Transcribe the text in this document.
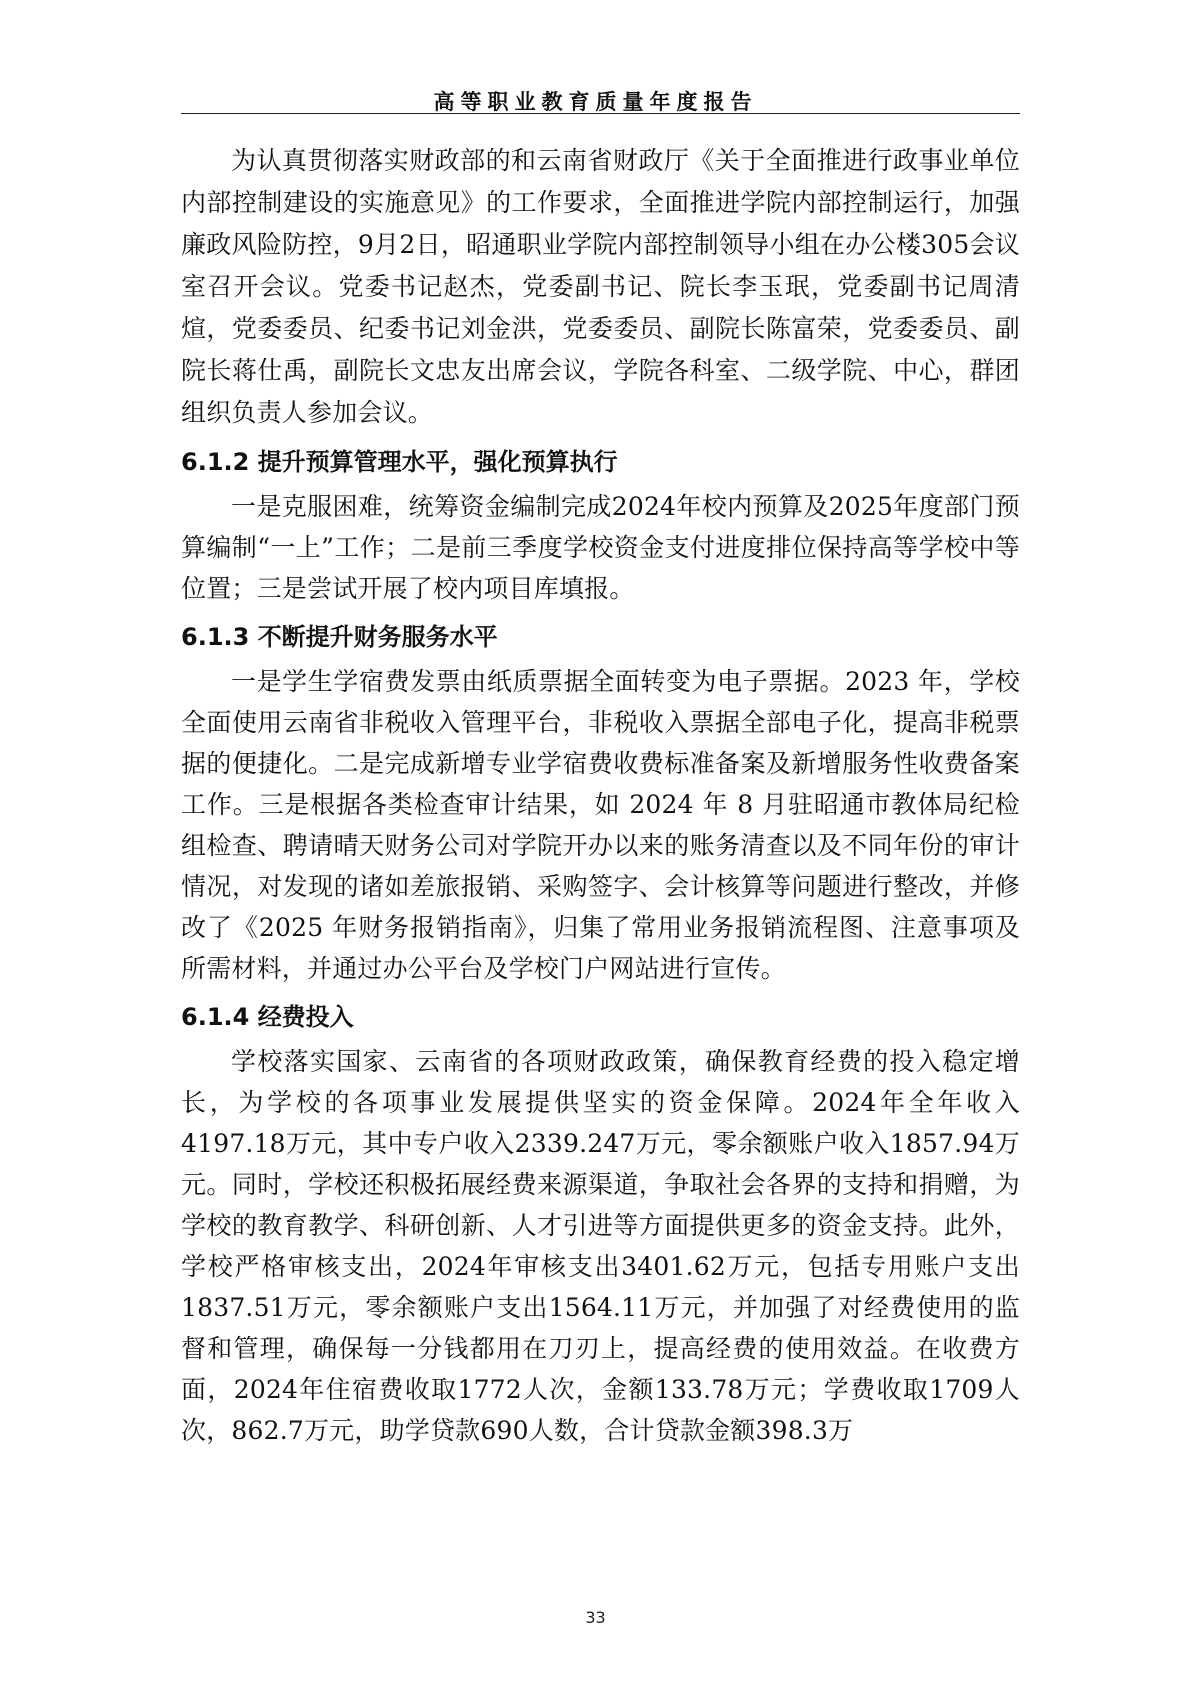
高等职业教育质量年度报告

为认真贯彻落实财政部的和云南省财政厅《关于全面推进行政事业单位内部控制建设的实施意见》的工作要求，全面推进学院内部控制运行，加强廉政风险防控，9月2日，昭通职业学院内部控制领导小组在办公楼305会议室召开会议。党委书记赵杰，党委副书记、院长李玉珉，党委副书记周清煊，党委委员、纪委书记刘金洪，党委委员、副院长陈富荣，党委委员、副院长蒋仕禹，副院长文忠友出席会议，学院各科室、二级学院、中心，群团组织负责人参加会议。

6.1.2 提升预算管理水平，强化预算执行

一是克服困难，统筹资金编制完成2024年校内预算及2025年度部门预算编制“一上”工作；二是前三季度学校资金支付进度排位保持高等学校中等位置；三是尝试开展了校内项目库填报。

6.1.3 不断提升财务服务水平

一是学生学宿费发票由纸质票据全面转变为电子票据。2023 年，学校全面使用云南省非税收入管理平台，非税收入票据全部电子化，提高非税票据的便捷化。二是完成新增专业学宿费收费标准备案及新增服务性收费备案工作。三是根据各类检查审计结果，如 2024 年 8 月驻昭通市教体局纪检组检查、聘请晴天财务公司对学院开办以来的账务清查以及不同年份的审计情况，对发现的诸如差旅报销、采购签字、会计核算等问题进行整改，并修改了《2025 年财务报销指南》，归集了常用业务报销流程图、注意事项及所需材料，并通过办公平台及学校门户网站进行宣传。

6.1.4 经费投入

学校落实国家、云南省的各项财政政策，确保教育经费的投入稳定增长，为学校的各项事业发展提供坚实的资金保障。2024年全年收入4197.18万元，其中专户收入2339.247万元，零余额账户收入1857.94万元。同时，学校还积极拓展经费来源渠道，争取社会各界的支持和捐赠，为学校的教育教学、科研创新、人才引进等方面提供更多的资金支持。此外，学校严格审核支出，2024年审核支出3401.62万元，包括专用账户支出1837.51万元，零余额账户支出1564.11万元，并加强了对经费使用的监督和管理，确保每一分钱都用在刀刃上，提高经费的使用效益。在收费方面，2024年住宿费收取1772人次，金额133.78万元；学费收取1709人次，862.7万元，助学贷款690人数，合计贷款金额398.3万

33
